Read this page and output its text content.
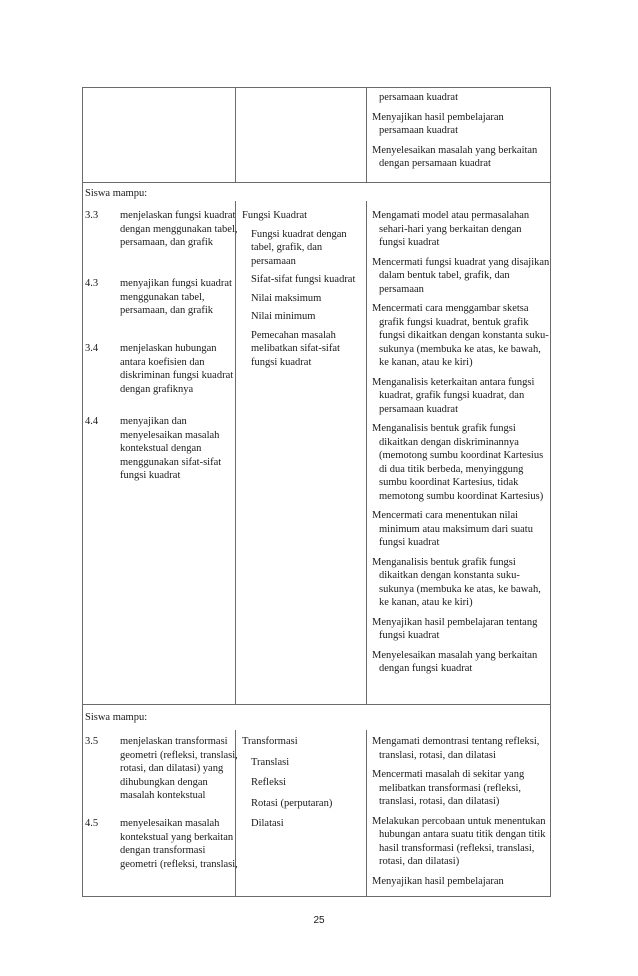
persamaan kuadrat

Menyajikan hasil pembelajaran persamaan kuadrat

Menyelesaikan masalah yang berkaitan dengan persamaan kuadrat

Siswa mampu:
3.3 menjelaskan fungsi kuadrat dengan menggunakan tabel, persamaan, dan grafik
4.3 menyajikan fungsi kuadrat menggunakan tabel, persamaan, dan grafik
3.4 menjelaskan hubungan antara koefisien dan diskriminan fungsi kuadrat dengan grafiknya
4.4 menyajikan dan menyelesaikan masalah kontekstual dengan menggunakan sifat-sifat fungsi kuadrat

Fungsi Kuadrat

Fungsi kuadrat dengan tabel, grafik, dan persamaan

Sifat-sifat fungsi kuadrat

Nilai maksimum

Nilai minimum

Pemecahan masalah melibatkan sifat-sifat fungsi kuadrat

Mengamati model atau permasalahan sehari-hari yang berkaitan dengan fungsi kuadrat

Mencermati fungsi kuadrat yang disajikan dalam bentuk tabel, grafik, dan persamaan

Mencermati cara menggambar sketsa grafik fungsi kuadrat, bentuk grafik fungsi dikaitkan dengan konstanta suku-sukunya (membuka ke atas, ke bawah, ke kanan, atau ke kiri)

Menganalisis keterkaitan antara fungsi kuadrat, grafik fungsi kuadrat, dan persamaan kuadrat

Menganalisis bentuk grafik fungsi dikaitkan dengan diskriminannya (memotong sumbu koordinat Kartesius di dua titik berbeda, menyinggung sumbu koordinat Kartesius, tidak memotong sumbu koordinat Kartesius)

Mencermati cara menentukan nilai minimum atau maksimum dari suatu fungsi kuadrat

Menganalisis bentuk grafik fungsi dikaitkan dengan konstanta suku-sukunya (membuka ke atas, ke bawah, ke kanan, atau ke kiri)

Menyajikan hasil pembelajaran tentang fungsi kuadrat

Menyelesaikan masalah yang berkaitan dengan fungsi kuadrat

Siswa mampu:
3.5 menjelaskan transformasi geometri (refleksi, translasi, rotasi, dan dilatasi) yang dihubungkan dengan masalah kontekstual
4.5 menyelesaikan masalah kontekstual yang berkaitan dengan transformasi geometri (refleksi, translasi,

Transformasi

Translasi

Refleksi

Rotasi (perputaran)

Dilatasi

Mengamati demontrasi tentang refleksi, translasi, rotasi, dan dilatasi

Mencermati masalah di sekitar yang melibatkan transformasi (refleksi, translasi, rotasi, dan dilatasi)

Melakukan percobaan untuk menentukan hubungan antara suatu titik dengan titik hasil transformasi (refleksi, translasi, rotasi, dan dilatasi)

Menyajikan hasil pembelajaran

25
